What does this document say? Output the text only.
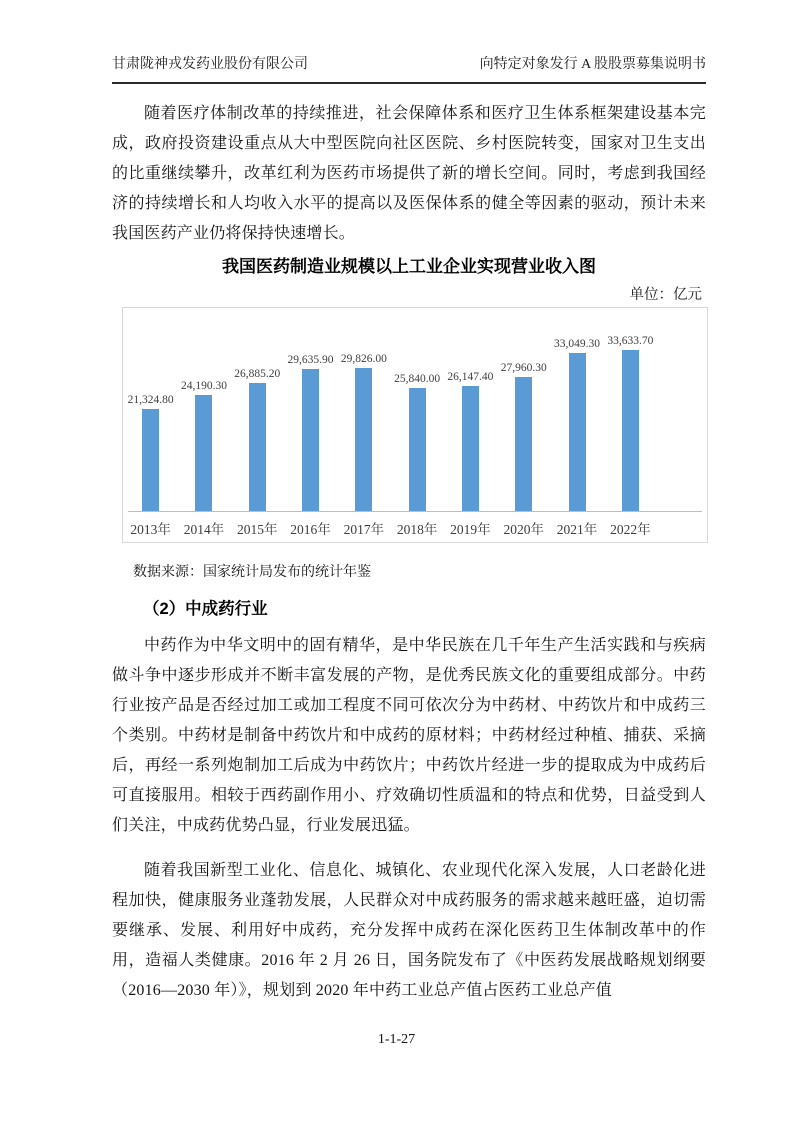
甘肃陇神戎发药业股份有限公司	向特定对象发行 A 股股票募集说明书

随着医疗体制改革的持续推进，社会保障体系和医疗卫生体系框架建设基本完成，政府投资建设重点从大中型医院向社区医院、乡村医院转变，国家对卫生支出的比重继续攀升，改革红利为医药市场提供了新的增长空间。同时，考虑到我国经济的持续增长和人均收入水平的提高以及医保体系的健全等因素的驱动，预计未来我国医药产业仍将保持快速增长。

我国医药制造业规模以上工业企业实现营业收入图
单位：亿元
21,324.80
24,190.30
26,885.20
29,635.90 29,826.00
25,840.00 26,147.40
27,960.30
33,049.30 33,633.70
2013年 2014年 2015年 2016年 2017年 2018年 2019年 2020年 2021年 2022年
数据来源：国家统计局发布的统计年鉴
（2）中成药行业

中药作为中华文明中的固有精华，是中华民族在几千年生产生活实践和与疾病做斗争中逐步形成并不断丰富发展的产物，是优秀民族文化的重要组成部分。中药行业按产品是否经过加工或加工程度不同可依次分为中药材、中药饮片和中成药三个类别。中药材是制备中药饮片和中成药的原材料；中药材经过种植、捕获、采摘后，再经一系列炮制加工后成为中药饮片；中药饮片经进一步的提取成为中成药后可直接服用。相较于西药副作用小、疗效确切性质温和的特点和优势，日益受到人们关注，中成药优势凸显，行业发展迅猛。

随着我国新型工业化、信息化、城镇化、农业现代化深入发展，人口老龄化进程加快，健康服务业蓬勃发展，人民群众对中成药服务的需求越来越旺盛，迫切需要继承、发展、利用好中成药，充分发挥中成药在深化医药卫生体制改革中的作用，造福人类健康。2016 年 2 月 26 日，国务院发布了《中医药发展战略规划纲要（2016—2030 年）》，规划到 2020 年中药工业总产值占医药工业总产值

1-1-27
